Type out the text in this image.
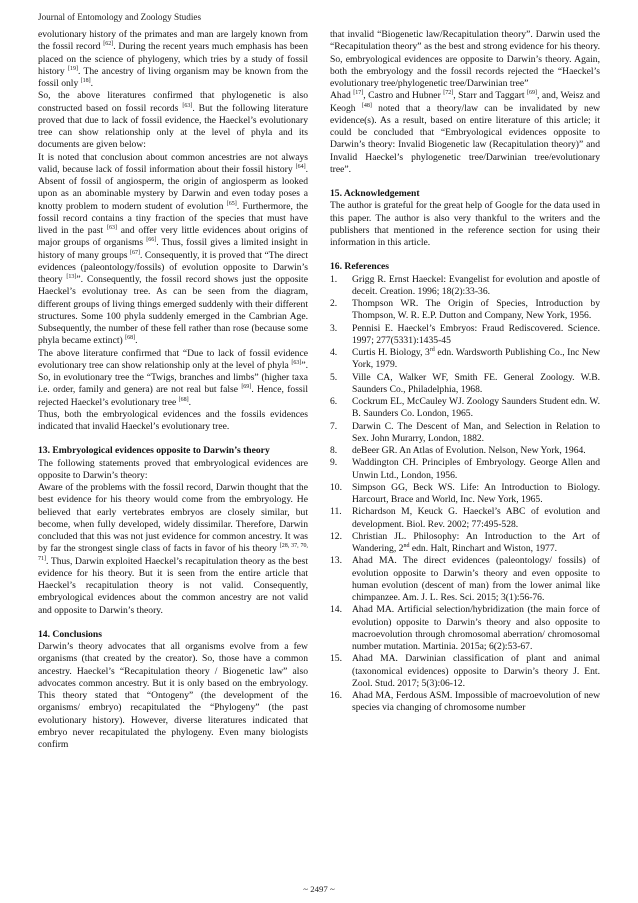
Journal of Entomology and Zoology Studies

evolutionary history of the primates and man are largely known from the fossil record [62]. During the recent years much emphasis has been placed on the science of phylogeny, which tries by a study of fossil history [19]. The ancestry of living organism may be known from the fossil only [18].

So, the above literatures confirmed that phylogenetic is also constructed based on fossil records [63]. But the following literature proved that due to lack of fossil evidence, the Haeckel’s evolutionary tree can show relationship only at the level of phyla and its documents are given below:

It is noted that conclusion about common ancestries are not always valid, because lack of fossil information about their fossil history [64]. Absent of fossil of angiosperm, the origin of angiosperm as looked upon as an abominable mystery by Darwin and even today poses a knotty problem to modern student of evolution [65]. Furthermore, the fossil record contains a tiny fraction of the species that must have lived in the past [63] and offer very little evidences about origins of major groups of organisms [66]. Thus, fossil gives a limited insight in history of many groups [67]. Consequently, it is proved that “The direct evidences (paleontology/fossils) of evolution opposite to Darwin’s theory [13]”. Consequently, the fossil record shows just the opposite Haeckel’s evolutionay tree. As can be seen from the diagram, different groups of living things emerged suddenly with their different structures. Some 100 phyla suddenly emerged in the Cambrian Age. Subsequently, the number of these fell rather than rose (because some phyla became extinct) [68].

The above literature confirmed that “Due to lack of fossil evidence evolutionary tree can show relationship only at the level of phyla [63]”. So, in evolutionary tree the “Twigs, branches and limbs” (higher taxa i.e. order, family and genera) are not real but false [69]. Hence, fossil rejected Haeckel’s evolutionary tree [68].

Thus, both the embryological evidences and the fossils evidences indicated that invalid Haeckel’s evolutionary tree.

13. Embryological evidences opposite to Darwin’s theory

The following statements proved that embryological evidences are opposite to Darwin’s theory:

Aware of the problems with the fossil record, Darwin thought that the best evidence for his theory would come from the embryology. He believed that early vertebrates embryos are closely similar, but become, when fully developed, widely dissimilar. Therefore, Darwin concluded that this was not just evidence for common ancestry. It was by far the strongest single class of facts in favor of his theory [28, 37, 70, 71]. Thus, Darwin exploited Haeckel’s recapitulation theory as the best evidence for his theory. But it is seen from the entire article that Haeckel’s recapitulation theory is not valid. Consequently, embryological evidences about the common ancestry are not valid and opposite to Darwin’s theory.

14. Conclusions

Darwin’s theory advocates that all organisms evolve from a few organisms (that created by the creator). So, those have a common ancestry. Haeckel’s “Recapitulation theory / Biogenetic law” also advocates common ancestry. But it is only based on the embryology. This theory stated that “Ontogeny” (the development of the organisms/ embryo) recapitulated the “Phylogeny” (the past evolutionary history). However, diverse literatures indicated that embryo never recapitulated the phylogeny. Even many biologists confirm

that invalid “Biogenetic law/Recapitulation theory”. Darwin used the “Recapitulation theory” as the best and strong evidence for his theory. So, embryological evidences are opposite to Darwin’s theory. Again, both the embryology and the fossil records rejected the “Haeckel’s evolutionary tree/phylogenetic tree/Darwinian tree”

Ahad [17], Castro and Hubner [72], Starr and Taggart [69], and, Weisz and Keogh [48] noted that a theory/law can be invalidated by new evidence(s). As a result, based on entire literature of this article; it could be concluded that “Embryological evidences opposite to Darwin’s theory: Invalid Biogenetic law (Recapitulation theory)” and Invalid Haeckel’s phylogenetic tree/Darwinian tree/evolutionary tree”.

15. Acknowledgement

The author is grateful for the great help of Google for the data used in this paper. The author is also very thankful to the writers and the publishers that mentioned in the reference section for using their information in this article.

16. References
1. Grigg R. Ernst Haeckel: Evangelist for evolution and apostle of deceit. Creation. 1996; 18(2):33-36.
2. Thompson WR. The Origin of Species, Introduction by Thompson, W. R. E.P. Dutton and Company, New York, 1956.
3. Pennisi E. Haeckel’s Embryos: Fraud Rediscovered. Science. 1997; 277(5331):1435-45
4. Curtis H. Biology, 3rd edn. Wardsworth Publishing Co., Inc New York, 1979.
5. Ville CA, Walker WF, Smith FE. General Zoology. W.B. Saunders Co., Philadelphia, 1968.
6. Cockrum EL, McCauley WJ. Zoology Saunders Student edn. W. B. Saunders Co. London, 1965.
7. Darwin C. The Descent of Man, and Selection in Relation to Sex. John Murarry, London, 1882.
8. deBeer GR. An Atlas of Evolution. Nelson, New York, 1964.
9. Waddington CH. Principles of Embryology. George Allen and Unwin Ltd., London, 1956.
10. Simpson GG, Beck WS. Life: An Introduction to Biology. Harcourt, Brace and World, Inc. New York, 1965.
11. Richardson M, Keuck G. Haeckel’s ABC of evolution and development. Biol. Rev. 2002; 77:495-528.
12. Christian JL. Philosophy: An Introduction to the Art of Wandering, 2nd edn. Halt, Rinchart and Wiston, 1977.
13. Ahad MA. The direct evidences (paleontology/ fossils) of evolution opposite to Darwin’s theory and even opposite to human evolution (descent of man) from the lower animal like chimpanzee. Am. J. L. Res. Sci. 2015; 3(1):56-76.
14. Ahad MA. Artificial selection/hybridization (the main force of evolution) opposite to Darwin’s theory and also opposite to macroevolution through chromosomal aberration/ chromosomal number mutation. Martinia. 2015a; 6(2):53-67.
15. Ahad MA. Darwinian classification of plant and animal (taxonomical evidences) opposite to Darwin’s theory J. Ent. Zool. Stud. 2017; 5(3):06-12.
16. Ahad MA, Ferdous ASM. Impossible of macroevolution of new species via changing of chromosome number
~ 2497 ~
